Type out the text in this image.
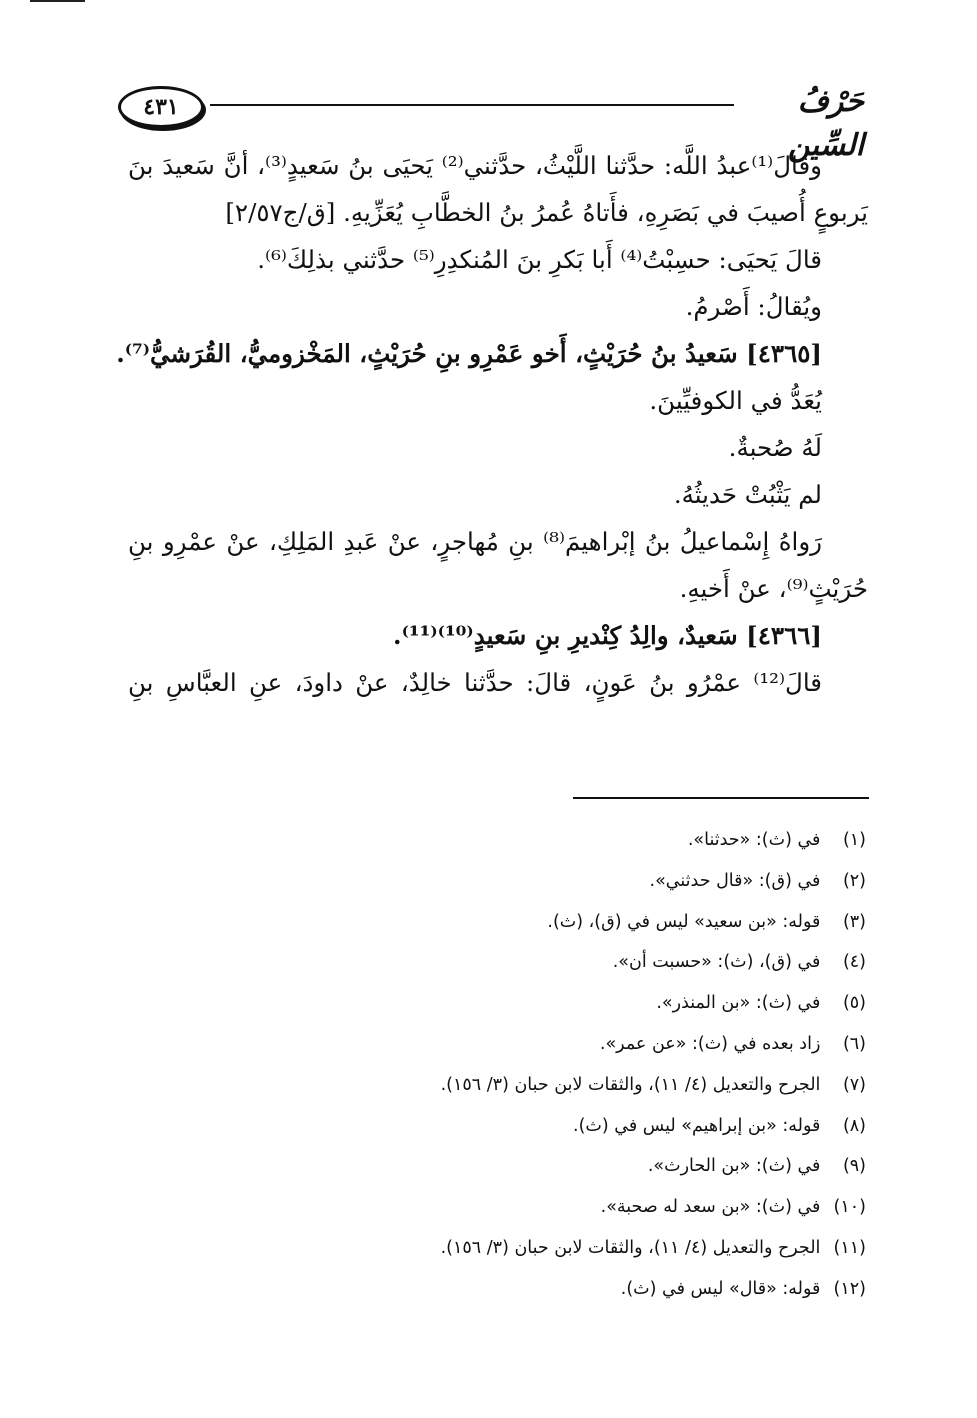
٤٣١	حَرْفُ السِّين
وقالَ⁽¹⁾عبدُ اللَّه: حدَّثنا اللَّيْثُ، حدَّثني⁽²⁾ يَحيَى بنُ سَعيدٍ⁽³⁾، أنَّ سَعيدَ بنَ
يَربوعٍ أُصيبَ في بَصَرِهِ، فأَتاهُ عُمرُ بنُ الخطَّابِ يُعَزِّيهِ. [ق/ج٢/٥٧]
قالَ يَحيَى: حسِبْتُ⁽⁴⁾ أَبا بَكرِ بنَ المُنكدِرِ⁽⁵⁾ حدَّثني بذلِكَ⁽⁶⁾.
ويُقالُ: أَصْرمُ.
[٤٣٦٥] سَعيدُ بنُ حُرَيْثٍ، أَخو عَمْرِو بنِ حُرَيْثٍ، المَخْزوميُّ، القُرَشيُّ⁽⁷⁾.
يُعَدُّ في الكوفيِّينَ.
لَهُ صُحبةٌ.
لم يَثْبُتْ حَديثُهُ.
رَواهُ إِسْماعيلُ بنُ إبْراهيمَ⁽⁸⁾ بنِ مُهاجرٍ، عنْ عَبدِ المَلِكِ، عنْ عمْرِو بنِ
حُرَيْثٍ⁽⁹⁾، عنْ أَخيهِ.
[٤٣٦٦] سَعيدٌ، والِدُ كِنْديرِ بنِ سَعيدٍ⁽¹⁰⁾⁽¹¹⁾.
قالَ⁽¹²⁾ عمْرُو بنُ عَونٍ، قالَ: حدَّثنا خالِدٌ، عنْ داودَ، عنِ العبَّاسِ بنِ
(١) في (ث): «حدثنا».
(٢) في (ق): «قال حدثني».
(٣) قوله: «بن سعيد» ليس في (ق)، (ث).
(٤) في (ق)، (ث): «حسبت أن».
(٥) في (ث): «بن المنذر».
(٦) زاد بعده في (ث): «عن عمر».
(٧) الجرح والتعديل (٤/ ١١)، والثقات لابن حبان (٣/ ١٥٦).
(٨) قوله: «بن إبراهيم» ليس في (ث).
(٩) في (ث): «بن الحارث».
(١٠) في (ث): «بن سعد له صحبة».
(١١) الجرح والتعديل (٤/ ١١)، والثقات لابن حبان (٣/ ١٥٦).
(١٢) قوله: «قال» ليس في (ث).
